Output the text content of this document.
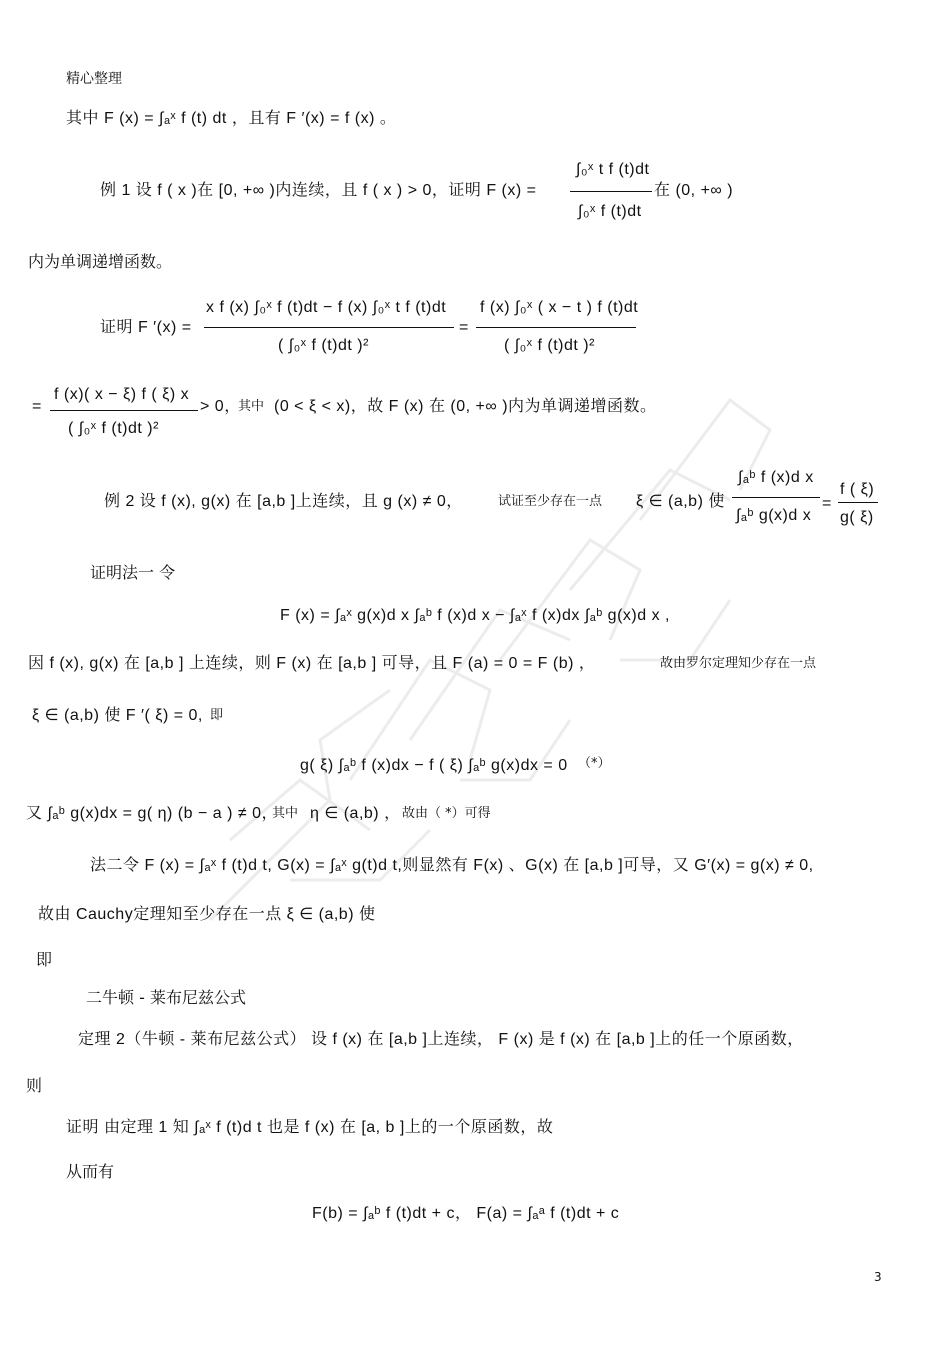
精心整理
其中 F (x) = ∫ₐˣ f (t) dt ，且有 F ′(x) = f (x) 。
例 1 设 f ( x )在 [0, +∞ )内连续，且 f ( x ) > 0，证明 F (x) =
∫₀ˣ t f (t)dt
∫₀ˣ f (t)dt
在 (0, +∞ )
内为单调递增函数。
证明 F ′(x) =
x f (x) ∫₀ˣ f (t)dt − f (x) ∫₀ˣ t f (t)dt
( ∫₀ˣ f (t)dt )²
=
f (x) ∫₀ˣ ( x − t ) f (t)dt
( ∫₀ˣ f (t)dt )²
=
f (x)( x − ξ) f ( ξ) x
( ∫₀ˣ f (t)dt )²
> 0，
其中 (0 < ξ < x)，故 F (x) 在 (0, +∞ )内为单调递增函数。
例 2 设 f (x), g(x) 在 [a,b ]上连续，且 g (x) ≠ 0，	试证至少存在一点 ξ ∈ (a,b) 使
∫ₐᵇ f (x)d x
∫ₐᵇ g(x)d x
=
f ( ξ)
g( ξ)
证明法一 令
F (x) = ∫ₐˣ g(x)d x ∫ₐᵇ f (x)d x − ∫ₐˣ f (x)dx ∫ₐᵇ g(x)d x ,
因 f (x), g(x) 在 [a,b ] 上连续，则 F (x) 在 [a,b ] 可导，且 F (a) = 0 = F (b) ，	故由罗尔定理知少存在一点
ξ ∈ (a,b) 使 F ′( ξ) = 0, 即
g( ξ) ∫ₐᵇ f (x)dx − f ( ξ) ∫ₐᵇ g(x)dx = 0 （*）
又 ∫ₐᵇ g(x)dx = g( η) (b − a ) ≠ 0，
其中 η ∈ (a,b) ， 故由（ *）可得
法二令 F (x) = ∫ₐˣ f (t)d t, G(x) = ∫ₐˣ g(t)d t,则显然有 F(x) 、G(x) 在 [a,b ]可导，又 G′(x) = g(x) ≠ 0,
故由 Cauchy定理知至少存在一点 ξ ∈ (a,b) 使
即
二牛顿 - 莱布尼兹公式
定理 2（牛顿 - 莱布尼兹公式） 设 f (x) 在 [a,b ]上连续， F (x) 是 f (x) 在 [a,b ]上的任一个原函数，
则
证明 由定理 1 知 ∫ₐˣ f (t)d t 也是 f (x) 在 [a, b ]上的一个原函数，故
从而有
F(b) = ∫ₐᵇ f (t)dt + c， F(a) = ∫ₐᵃ f (t)dt + c
3
